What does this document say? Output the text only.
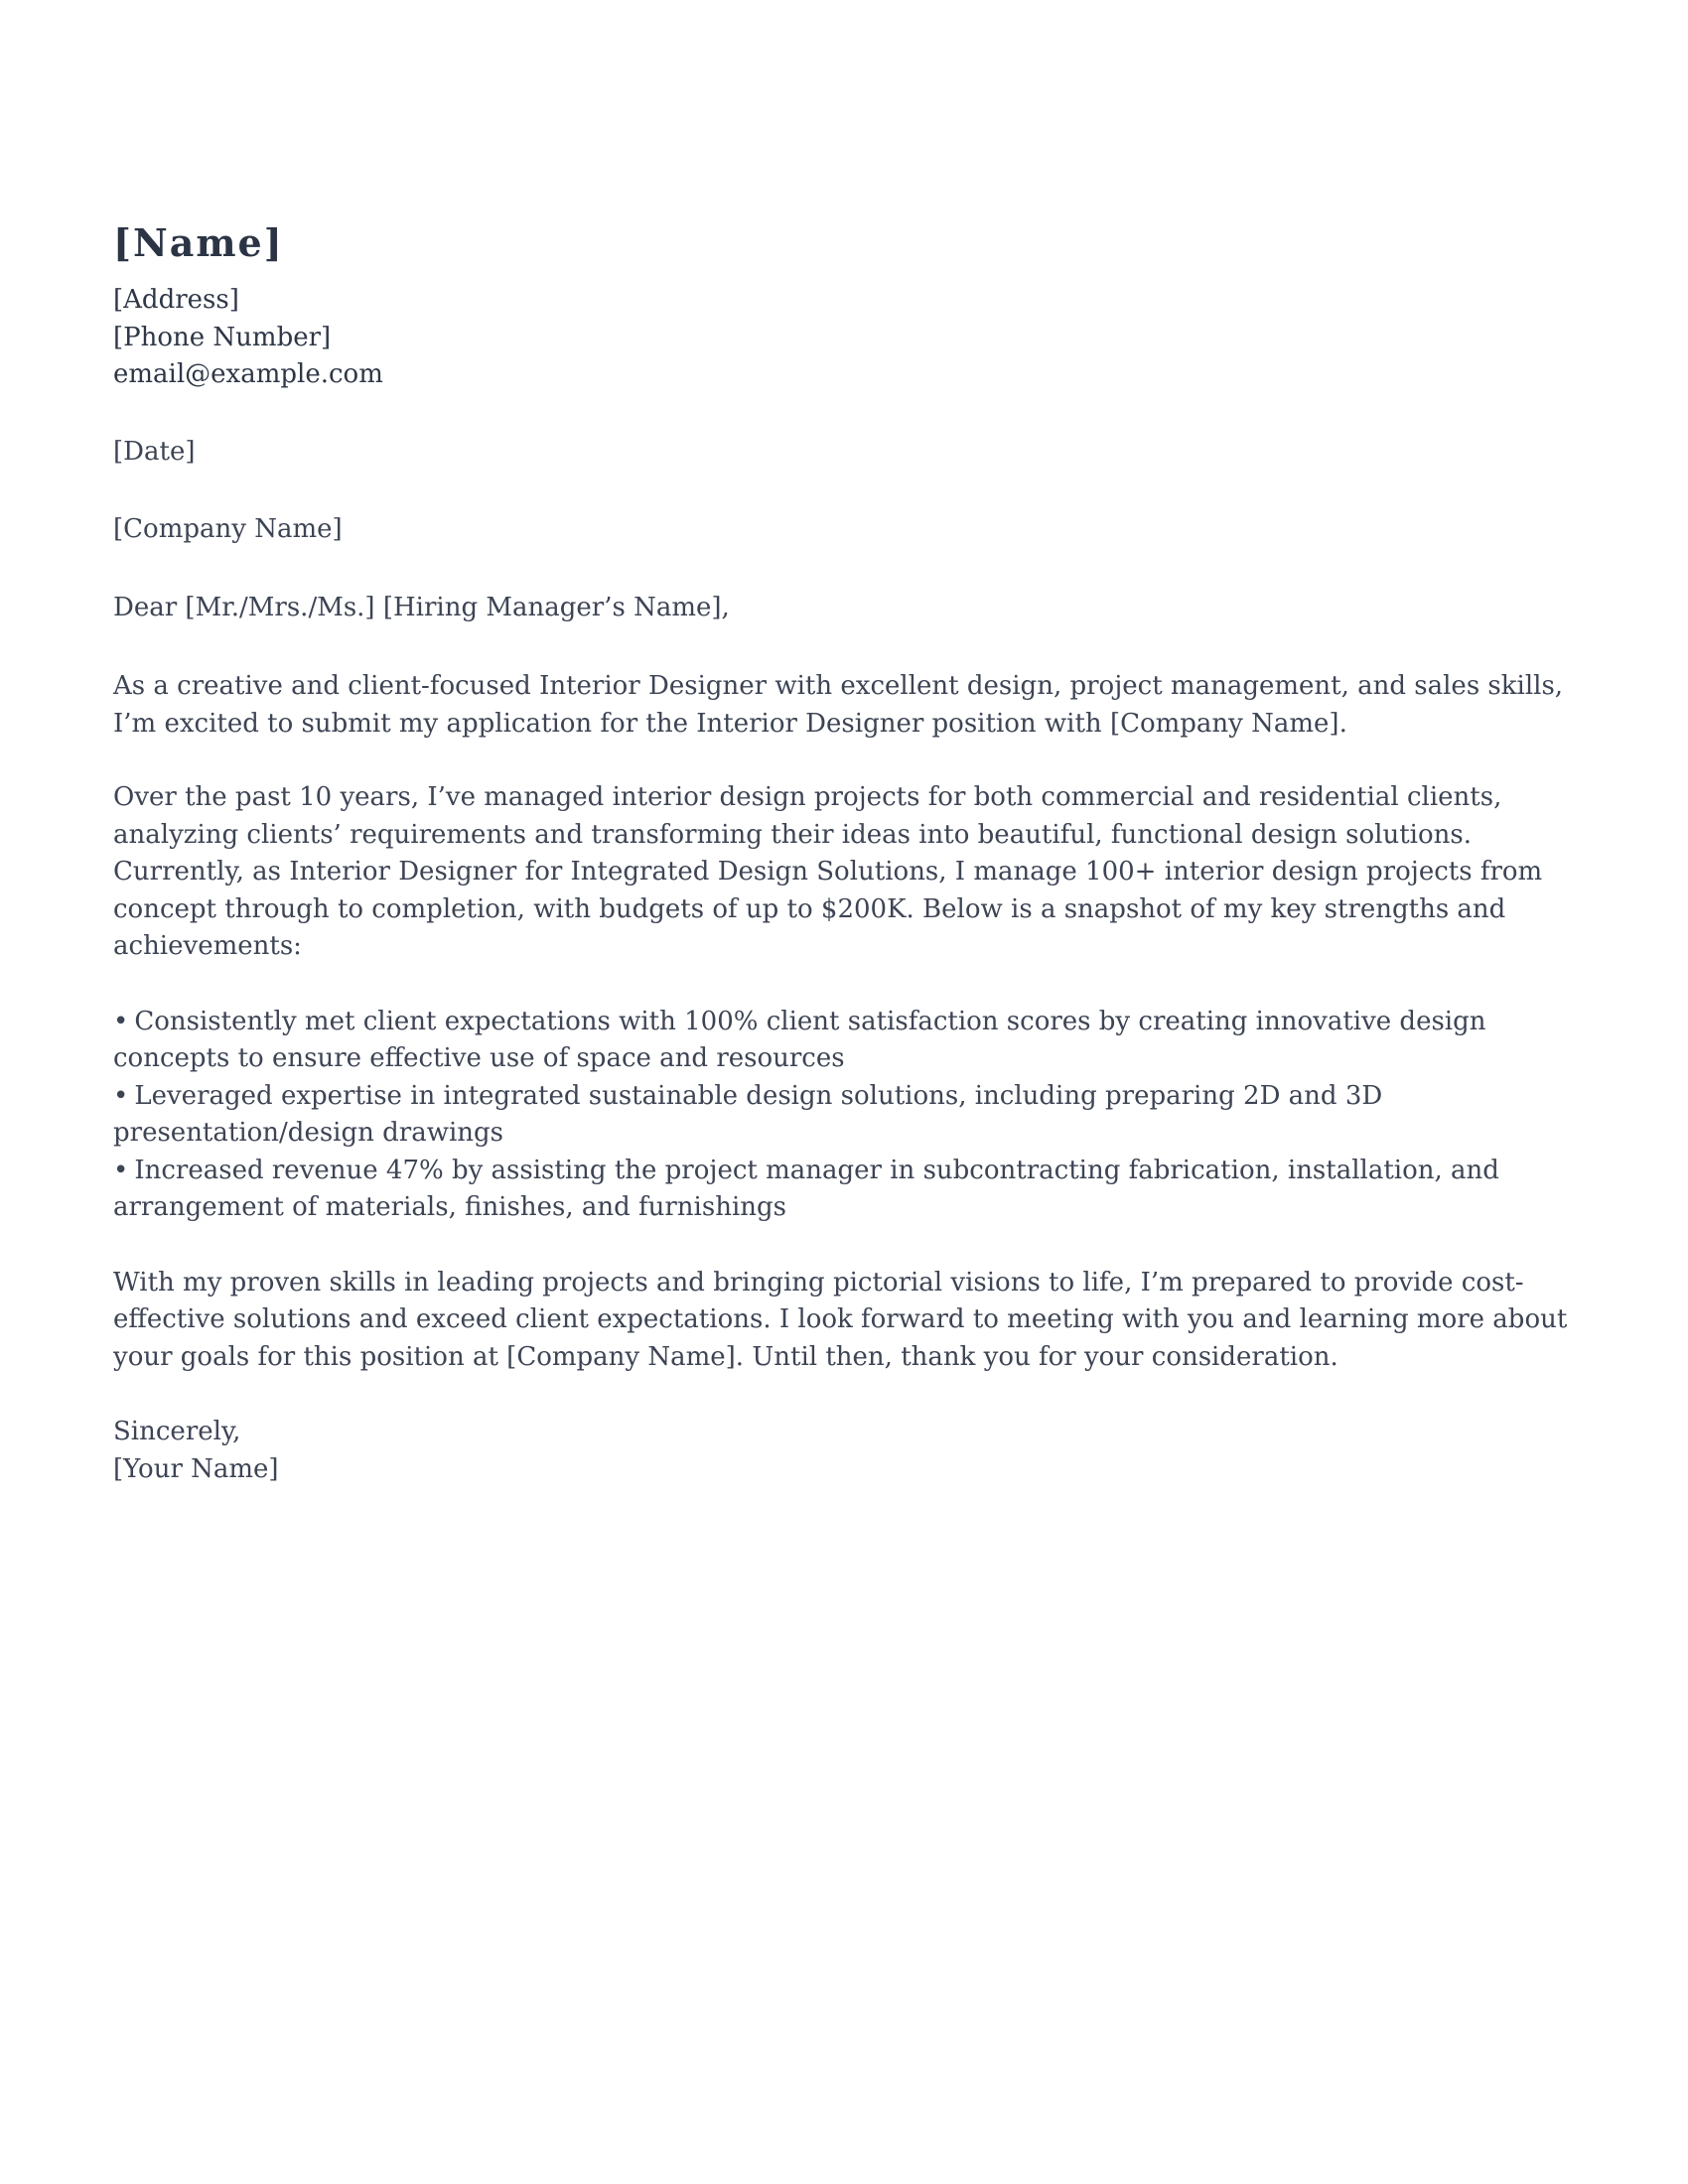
[Name]
[Address]
[Phone Number]
email@example.com
[Date]
[Company Name]
Dear [Mr./Mrs./Ms.] [Hiring Manager’s Name],
As a creative and client-focused Interior Designer with excellent design, project management, and sales skills, I’m excited to submit my application for the Interior Designer position with [Company Name].
Over the past 10 years, I’ve managed interior design projects for both commercial and residential clients, analyzing clients’ requirements and transforming their ideas into beautiful, functional design solutions. Currently, as Interior Designer for Integrated Design Solutions, I manage 100+ interior design projects from concept through to completion, with budgets of up to $200K. Below is a snapshot of my key strengths and achievements:
• Consistently met client expectations with 100% client satisfaction scores by creating innovative design concepts to ensure effective use of space and resources
• Leveraged expertise in integrated sustainable design solutions, including preparing 2D and 3D presentation/design drawings
• Increased revenue 47% by assisting the project manager in subcontracting fabrication, installation, and arrangement of materials, finishes, and furnishings
With my proven skills in leading projects and bringing pictorial visions to life, I’m prepared to provide cost-effective solutions and exceed client expectations. I look forward to meeting with you and learning more about your goals for this position at [Company Name]. Until then, thank you for your consideration.
Sincerely,
[Your Name]
